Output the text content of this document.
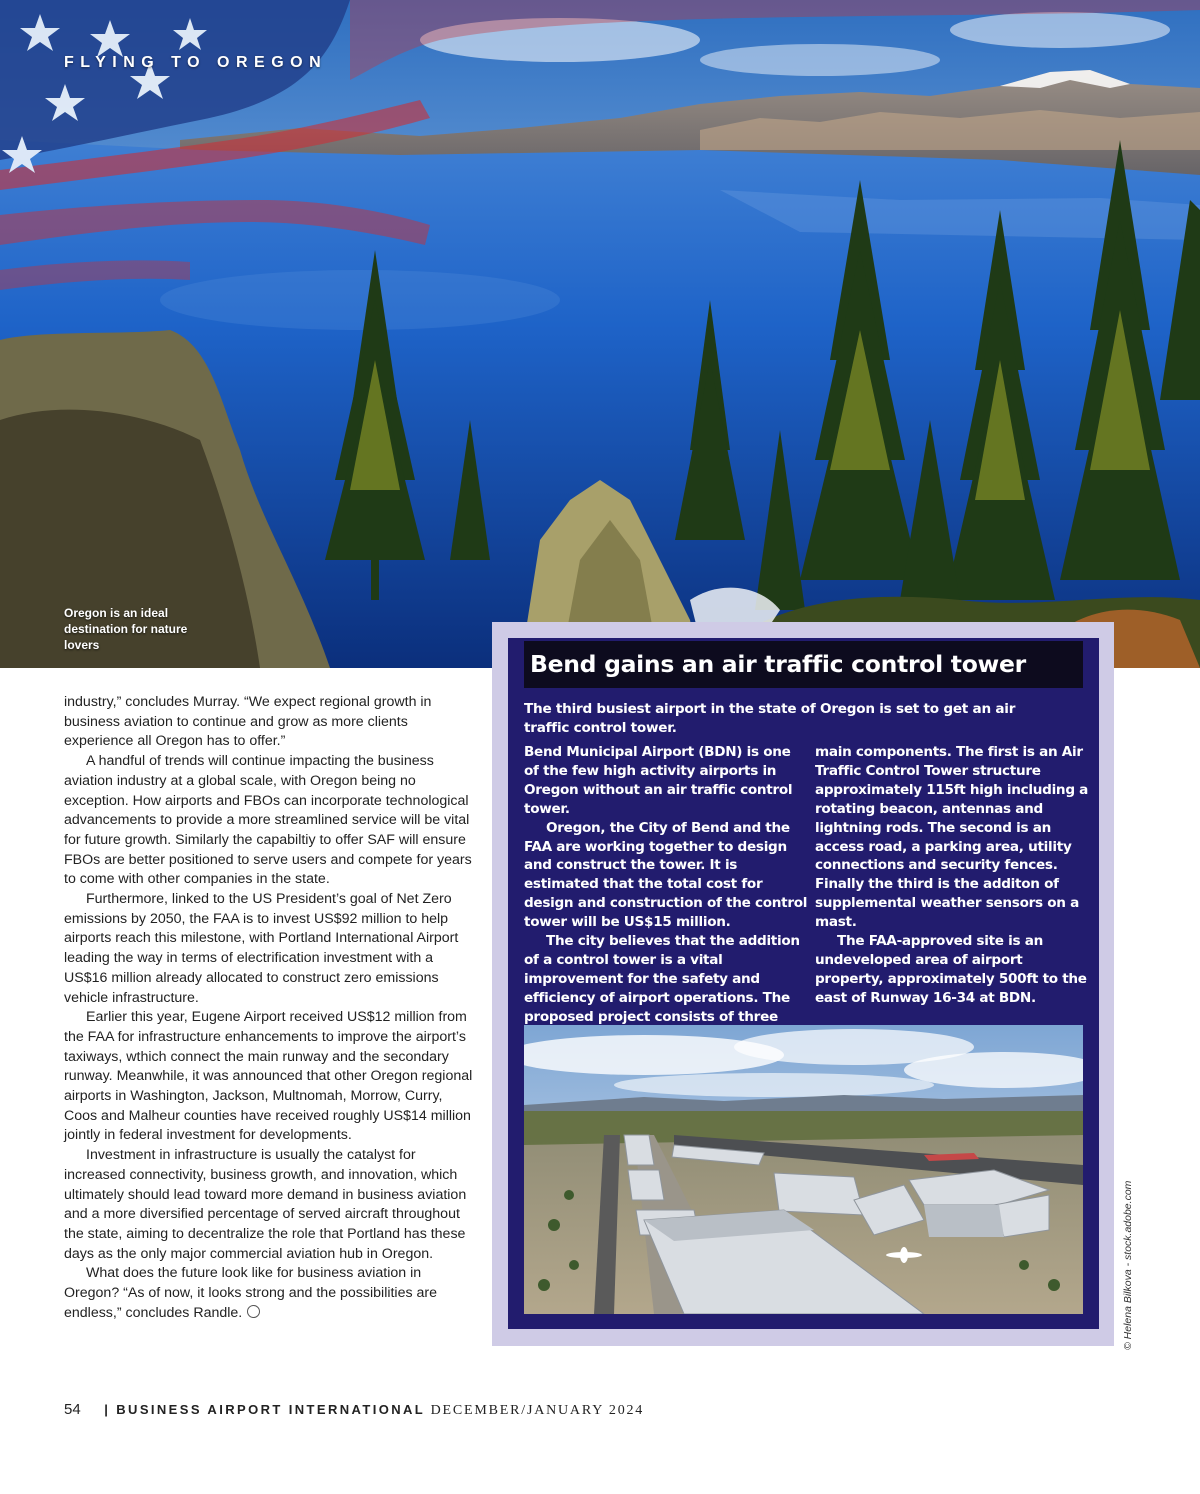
FLYING TO OREGON
Oregon is an ideal destination for nature lovers

industry,” concludes Murray. “We expect regional growth in business aviation to continue and grow as more clients experience all Oregon has to offer.”

A handful of trends will continue impacting the business aviation industry at a global scale, with Oregon being no exception. How airports and FBOs can incorporate technological advancements to provide a more streamlined service will be vital for future growth. Similarly the capabiltiy to offer SAF will ensure FBOs are better positioned to serve users and compete for years to come with other companies in the state.

Furthermore, linked to the US President’s goal of Net Zero emissions by 2050, the FAA is to invest US$92 million to help airports reach this milestone, with Portland International Airport leading the way in terms of electrification investment with a US$16 million already allocated to construct zero emissions vehicle infrastructure.

Earlier this year, Eugene Airport received US$12 million from the FAA for infrastructure enhancements to improve the airport’s taxiways, wthich connect the main runway and the secondary runway. Meanwhile, it was announced that other Oregon regional airports in Washington, Jackson, Multnomah, Morrow, Curry, Coos and Malheur counties have received roughly US$14 million jointly in federal investment for developments.

Investment in infrastructure is usually the catalyst for increased connectivity, business growth, and innovation, which ultimately should lead toward more demand in business aviation and a more diversified percentage of served aircraft throughout the state, aiming to decentralize the role that Portland has these days as the only major commercial aviation hub in Oregon.

What does the future look like for business aviation in Oregon? “As of now, it looks strong and the possibilities are endless,” concludes Randle.

Bend gains an air traffic control tower
The third busiest airport in the state of Oregon is set to get an air traffic control tower.

Bend Municipal Airport (BDN) is one of the few high activity airports in Oregon without an air traffic control tower.

Oregon, the City of Bend and the FAA are working together to design and construct the tower. It is estimated that the total cost for design and construction of the control tower will be US$15 million.

The city believes that the addition of a control tower is a vital improvement for the safety and efficiency of airport operations. The proposed project consists of three

main components. The first is an Air Traffic Control Tower structure approximately 115ft high including a rotating beacon, antennas and lightning rods. The second is an access road, a parking area, utility connections and security fences. Finally the third is the additon of supplemental weather sensors on a mast.

The FAA-approved site is an undeveloped area of airport property, approximately 500ft to the east of Runway 16-34 at BDN.

© Helena Bilkova - stock.adobe.com
54 | BUSINESS AIRPORT INTERNATIONAL DECEMBER/JANUARY 2024
